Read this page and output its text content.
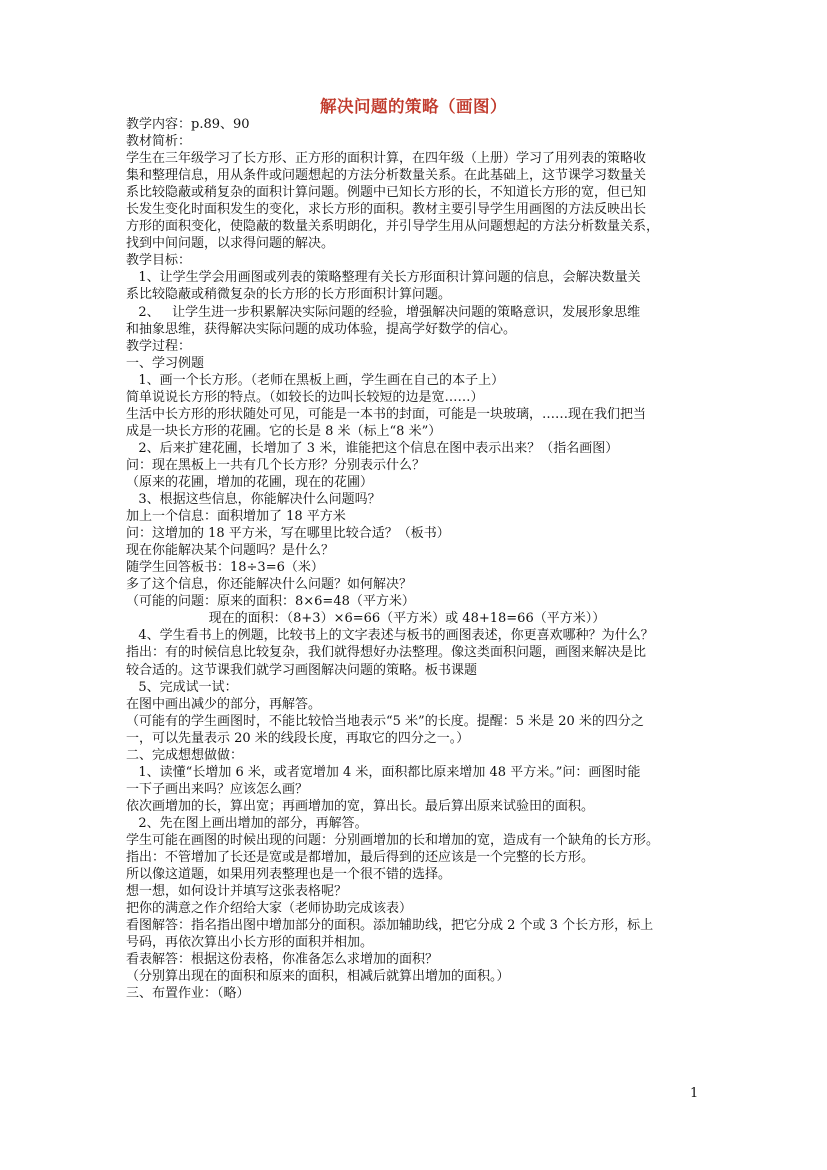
解决问题的策略（画图）
教学内容：p.89、90
教材简析：
学生在三年级学习了长方形、正方形的面积计算，在四年级（上册）学习了用列表的策略收
集和整理信息，用从条件或问题想起的方法分析数量关系。在此基础上，这节课学习数量关
系比较隐蔽或稍复杂的面积计算问题。例题中已知长方形的长，不知道长方形的宽，但已知
长发生变化时面积发生的变化，求长方形的面积。教材主要引导学生用画图的方法反映出长
方形的面积变化，使隐蔽的数量关系明朗化，并引导学生用从问题想起的方法分析数量关系，
找到中间问题，以求得问题的解决。
教学目标：
1、让学生学会用画图或列表的策略整理有关长方形面积计算问题的信息，会解决数量关
系比较隐蔽或稍微复杂的长方形的长方形面积计算问题。
2、   让学生进一步积累解决实际问题的经验，增强解决问题的策略意识，发展形象思维
和抽象思维，获得解决实际问题的成功体验，提高学好数学的信心。
教学过程：
一、学习例题
1、画一个长方形。（老师在黑板上画，学生画在自己的本子上）
简单说说长方形的特点。（如较长的边叫长较短的边是宽……）
生活中长方形的形状随处可见，可能是一本书的封面，可能是一块玻璃，……现在我们把当
成是一块长方形的花圃。它的长是 8 米（标上“8 米”）
2、后来扩建花圃，长增加了 3 米，谁能把这个信息在图中表示出来？（指名画图）
问：现在黑板上一共有几个长方形？分别表示什么？
（原来的花圃，增加的花圃，现在的花圃）
3、根据这些信息，你能解决什么问题吗？
加上一个信息：面积增加了 18 平方米
问：这增加的 18 平方米，写在哪里比较合适？（板书）
现在你能解决某个问题吗？是什么？
随学生回答板书：18÷3=6（米）
多了这个信息，你还能解决什么问题？如何解决？
（可能的问题：原来的面积：8×6=48（平方米）
现在的面积：（8+3）×6=66（平方米）或 48+18=66（平方米））
4、学生看书上的例题，比较书上的文字表述与板书的画图表述，你更喜欢哪种？为什么？
指出：有的时候信息比较复杂，我们就得想好办法整理。像这类面积问题，画图来解决是比
较合适的。这节课我们就学习画图解决问题的策略。板书课题
5、完成试一试：
在图中画出减少的部分，再解答。
（可能有的学生画图时，不能比较恰当地表示“5 米”的长度。提醒：5 米是 20 米的四分之
一，可以先量表示 20 米的线段长度，再取它的四分之一。）
二、完成想想做做：
1、读懂“长增加 6 米，或者宽增加 4 米，面积都比原来增加 48 平方米。”问：画图时能
一下子画出来吗？应该怎么画？
依次画增加的长，算出宽；再画增加的宽，算出长。最后算出原来试验田的面积。
2、先在图上画出增加的部分，再解答。
学生可能在画图的时候出现的问题：分别画增加的长和增加的宽，造成有一个缺角的长方形。
指出：不管增加了长还是宽或是都增加，最后得到的还应该是一个完整的长方形。
所以像这道题，如果用列表整理也是一个很不错的选择。
想一想，如何设计并填写这张表格呢？
把你的满意之作介绍给大家（老师协助完成该表）
看图解答：指名指出图中增加部分的面积。添加辅助线，把它分成 2 个或 3 个长方形，标上
号码，再依次算出小长方形的面积并相加。
看表解答：根据这份表格，你准备怎么求增加的面积？
（分别算出现在的面积和原来的面积，相减后就算出增加的面积。）
三、布置作业：（略）
1
